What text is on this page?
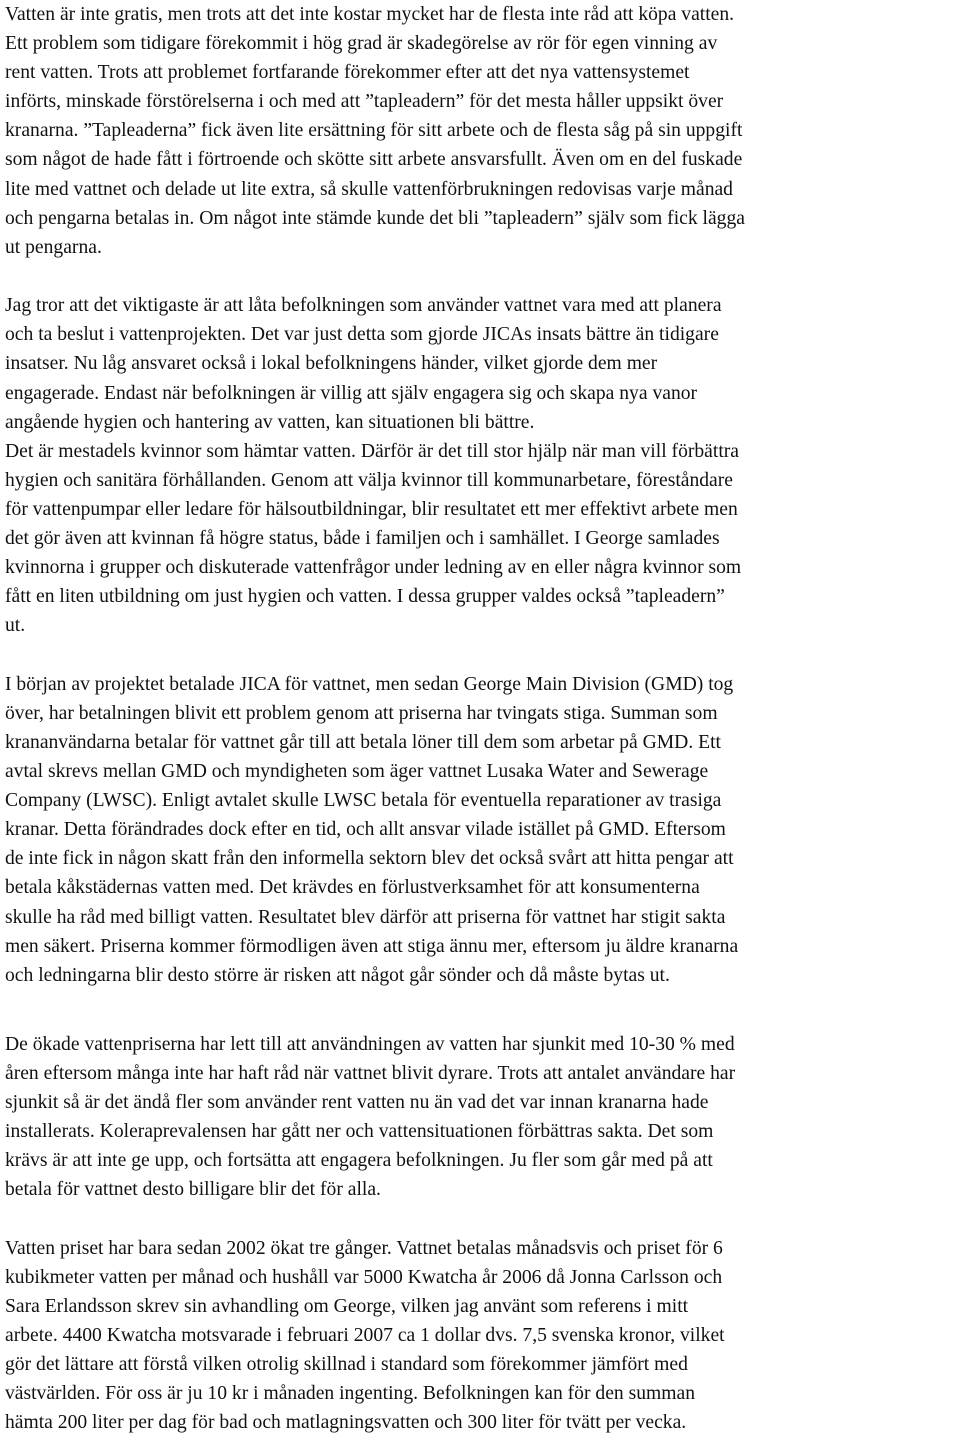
Vatten är inte gratis, men trots att det inte kostar mycket har de flesta inte råd att köpa vatten.
Ett problem som tidigare förekommit i hög grad är skadegörelse av rör för egen vinning av
rent vatten. Trots att problemet fortfarande förekommer efter att det nya vattensystemet
införts, minskade förstörelserna i och med att ”tapleadern” för det mesta håller uppsikt över
kranarna. ”Tapleaderna” fick även lite ersättning för sitt arbete och de flesta såg på sin uppgift
som något de hade fått i förtroende och skötte sitt arbete ansvarsfullt. Även om en del fuskade
lite med vattnet och delade ut lite extra, så skulle vattenförbrukningen redovisas varje månad
och pengarna betalas in. Om något inte stämde kunde det bli ”tapleadern” själv som fick lägga
ut pengarna.
Jag tror att det viktigaste är att låta befolkningen som använder vattnet vara med att planera
och ta beslut i vattenprojekten. Det var just detta som gjorde JICAs insats bättre än tidigare
insatser. Nu låg ansvaret också i lokal befolkningens händer, vilket gjorde dem mer
engagerade. Endast när befolkningen är villig att själv engagera sig och skapa nya vanor
angående hygien och hantering av vatten, kan situationen bli bättre.
Det är mestadels kvinnor som hämtar vatten. Därför är det till stor hjälp när man vill förbättra
hygien och sanitära förhållanden. Genom att välja kvinnor till kommunarbetare, föreståndare
för vattenpumpar eller ledare för hälsoutbildningar, blir resultatet ett mer effektivt arbete men
det gör även att kvinnan få högre status, både i familjen och i samhället. I George samlades
kvinnorna i grupper och diskuterade vattenfrågor under ledning av en eller några kvinnor som
fått en liten utbildning om just hygien och vatten. I dessa grupper valdes också ”tapleadern”
ut.
I början av projektet betalade JICA för vattnet, men sedan George Main Division (GMD) tog
över, har betalningen blivit ett problem genom att priserna har tvingats stiga. Summan som
krananvändarna betalar för vattnet går till att betala löner till dem som arbetar på GMD. Ett
avtal skrevs mellan GMD och myndigheten som äger vattnet Lusaka Water and Sewerage
Company (LWSC). Enligt avtalet skulle LWSC betala för eventuella reparationer av trasiga
kranar. Detta förändrades dock efter en tid, och allt ansvar vilade istället på GMD. Eftersom
de inte fick in någon skatt från den informella sektorn blev det också svårt att hitta pengar att
betala kåkstädernas vatten med. Det krävdes en förlustverksamhet för att konsumenterna
skulle ha råd med billigt vatten. Resultatet blev därför att priserna för vattnet har stigit sakta
men säkert. Priserna kommer förmodligen även att stiga ännu mer, eftersom ju äldre kranarna
och ledningarna blir desto större är risken att något går sönder och då måste bytas ut.
De ökade vattenpriserna har lett till att användningen av vatten har sjunkit med 10-30 % med
åren eftersom många inte har haft råd när vattnet blivit dyrare. Trots att antalet användare har
sjunkit så är det ändå fler som använder rent vatten nu än vad det var innan kranarna hade
installerats. Koleraprevalensen har gått ner och vattensituationen förbättras sakta. Det som
krävs är att inte ge upp, och fortsätta att engagera befolkningen. Ju fler som går med på att
betala för vattnet desto billigare blir det för alla.
Vatten priset har bara sedan 2002 ökat tre gånger. Vattnet betalas månadsvis och priset för 6
kubikmeter vatten per månad och hushåll var 5000 Kwatcha år 2006 då Jonna Carlsson och
Sara Erlandsson skrev sin avhandling om George, vilken jag använt som referens i mitt
arbete. 4400 Kwatcha motsvarade i februari 2007 ca 1 dollar dvs. 7,5 svenska kronor, vilket
gör det lättare att förstå vilken otrolig skillnad i standard som förekommer jämfört med
västvärlden. För oss är ju 10 kr i månaden ingenting. Befolkningen kan för den summan
hämta 200 liter per dag för bad och matlagningsvatten och 300 liter för tvätt per vecka.
